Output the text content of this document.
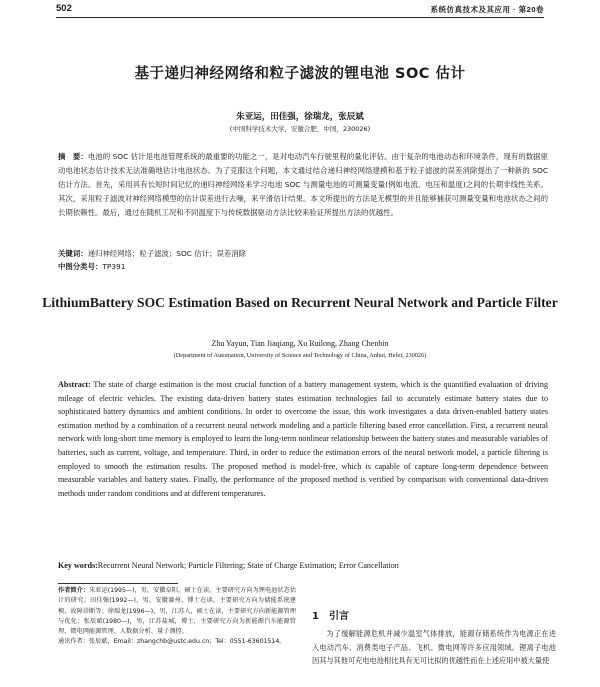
502	系统仿真技术及其应用 · 第20卷
基于递归神经网络和粒子滤波的锂电池 SOC 估计
朱亚运，田佳强，徐瑞龙，张辰斌
(中国科学技术大学，安徽合肥，中国，230026)
摘　要：电池的 SOC 估计是电池管理系统的最重要的功能之一，是对电动汽车行驶里程的量化评估。由于复杂的电池动态和环境条件，现有的数据驱动电池状态估计技术无法准确地估计电池状态。为了克服这个问题，本文通过结合递归神经网络建模和基于粒子滤波的误差消除提出了一种新的 SOC 估计方法。首先，采用具有长短时间记忆的递归神经网络来学习电池 SOC 与测量电池的可测量变量(例如电流、电压和温度)之间的长期非线性关系。其次，采用粒子滤波对神经网络模型的估计误差进行去噪，来平滑估计结果。本文所提出的方法是无模型的并且能够捕获可测量变量和电池状态之间的长期依赖性。最后，通过在随机工况和不同温度下与传统数据驱动方法比较来验证所提出方法的优越性。
关键词：递归神经网络；粒子滤波；SOC 估计；误差消除
中图分类号：TP391
LithiumBattery SOC Estimation Based on Recurrent Neural Network and Particle Filter
Zhu Yayun, Tian Jiaqiang, Xu Ruilong, Zhang Chenbin
(Department of Automation, University of Science and Technology of China, Anhui, Hefei, 230026)
Abstract: The state of charge estimation is the most crucial function of a battery management system, which is the quantified evaluation of driving mileage of electric vehicles. The existing data-driven battery states estimation technologies fail to accurately estimate battery states due to sophisticated battery dynamics and ambient conditions. In order to overcome the issue, this work investigates a data driven-enabled battery states estimation method by a combination of a recurrent neural network modeling and a particle filtering based error cancellation. First, a recurrent neural network with long-short time memory is employed to learn the long-term nonlinear relationship between the battery states and measurable variables of batteries, such as current, voltage, and temperature. Third, in order to reduce the estimation errors of the neural network model, a particle filtering is employed to smooth the estimation results. The proposed method is model-free, which is capable of capture long-term dependence between measurable variables and battery states. Finally, the performance of the proposed method is verified by comparison with conventional data-driven methods under random conditions and at different temperatures.
Key words:Recurrent Neural Network; Particle Filtering; State of Charge Estimation; Error Cancellation
作者简介：朱亚运(1995—)，男，安徽阜阳，硕士在读，主要研究方向为锂电池状态估计的研究；田佳强(1992—)，男，安徽滁州，博士在读，主要研究方向为储能系统建模、故障诊断等；徐瑞龙(1996—)，男，江苏人，硕士在读，主要研究方向新能源管理与优化；张辰斌(1980—)，男，江苏盐城，博士，主要研究方向为新能源汽车能源管理、微电网能源管理、人数据分析、量子测控。
通讯作者：张辰斌，Email：zhangchb@ustc.edu.cn；Tel：0551-63601514。
1　引言
为了缓解能源危机并减少温室气体排放，能源存储系统作为电源正在进入电动汽车、消费类电子产品、飞机、微电网等许多应用领域。锂离子电池因其与其他可充电电池相比具有无可比拟的优越性而在上述应用中被大量使
